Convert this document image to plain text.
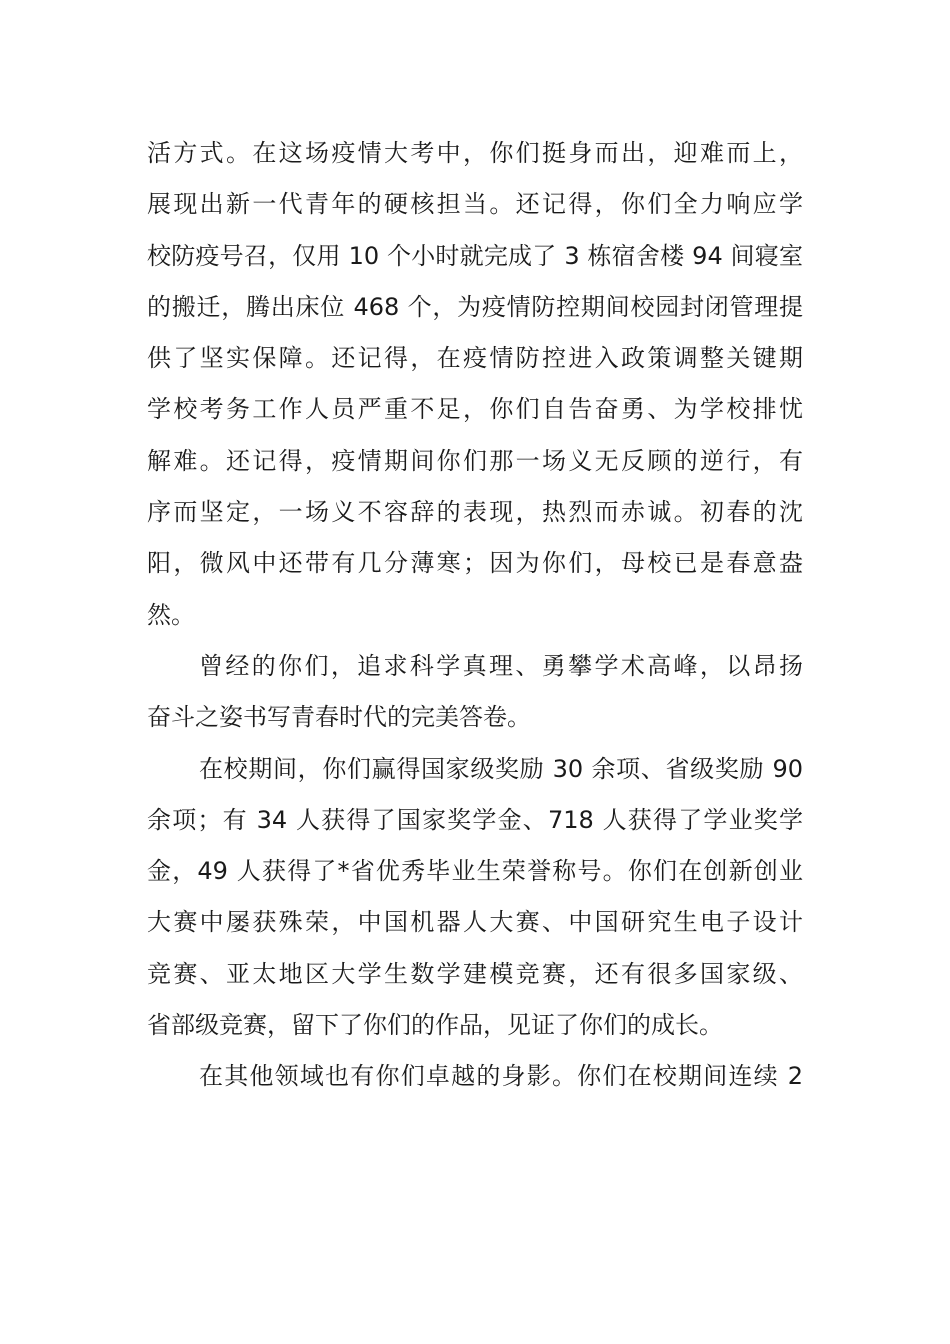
活方式。在这场疫情大考中，你们挺身而出，迎难而上，
展现出新一代青年的硬核担当。还记得，你们全力响应学
校防疫号召，仅用 10 个小时就完成了 3 栋宿舍楼 94 间寝室
的搬迁，腾出床位 468 个，为疫情防控期间校园封闭管理提
供了坚实保障。还记得，在疫情防控进入政策调整关键期
学校考务工作人员严重不足，你们自告奋勇、为学校排忧
解难。还记得，疫情期间你们那一场义无反顾的逆行，有
序而坚定，一场义不容辞的表现，热烈而赤诚。初春的沈
阳，微风中还带有几分薄寒；因为你们，母校已是春意盎
然。
曾经的你们，追求科学真理、勇攀学术高峰，以昂扬
奋斗之姿书写青春时代的完美答卷。
在校期间，你们赢得国家级奖励 30 余项、省级奖励 90
余项；有 34 人获得了国家奖学金、718 人获得了学业奖学
金，49 人获得了*省优秀毕业生荣誉称号。你们在创新创业
大赛中屡获殊荣，中国机器人大赛、中国研究生电子设计
竞赛、亚太地区大学生数学建模竞赛，还有很多国家级、
省部级竞赛，留下了你们的作品，见证了你们的成长。
在其他领域也有你们卓越的身影。你们在校期间连续 2
